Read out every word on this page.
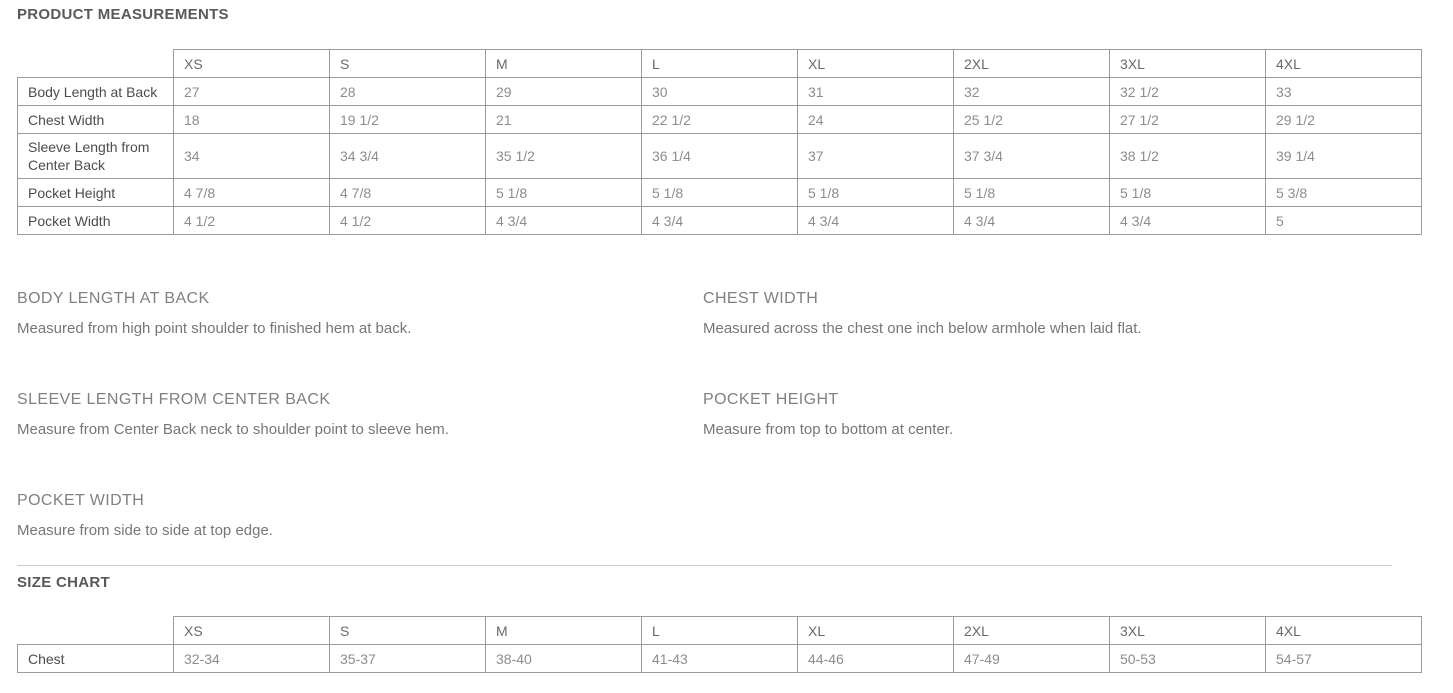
PRODUCT MEASUREMENTS
	XS	S	M	L	XL	2XL	3XL	4XL
Body Length at Back	27	28	29	30	31	32	32 1/2	33
Chest Width	18	19 1/2	21	22 1/2	24	25 1/2	27 1/2	29 1/2
Sleeve Length from Center Back	34	34 3/4	35 1/2	36 1/4	37	37 3/4	38 1/2	39 1/4
Pocket Height	4 7/8	4 7/8	5 1/8	5 1/8	5 1/8	5 1/8	5 1/8	5 3/8
Pocket Width	4 1/2	4 1/2	4 3/4	4 3/4	4 3/4	4 3/4	4 3/4	5
BODY LENGTH AT BACK
Measured from high point shoulder to finished hem at back.
CHEST WIDTH
Measured across the chest one inch below armhole when laid flat.
SLEEVE LENGTH FROM CENTER BACK
Measure from Center Back neck to shoulder point to sleeve hem.
POCKET HEIGHT
Measure from top to bottom at center.
POCKET WIDTH
Measure from side to side at top edge.
SIZE CHART
	XS	S	M	L	XL	2XL	3XL	4XL
Chest	32-34	35-37	38-40	41-43	44-46	47-49	50-53	54-57
